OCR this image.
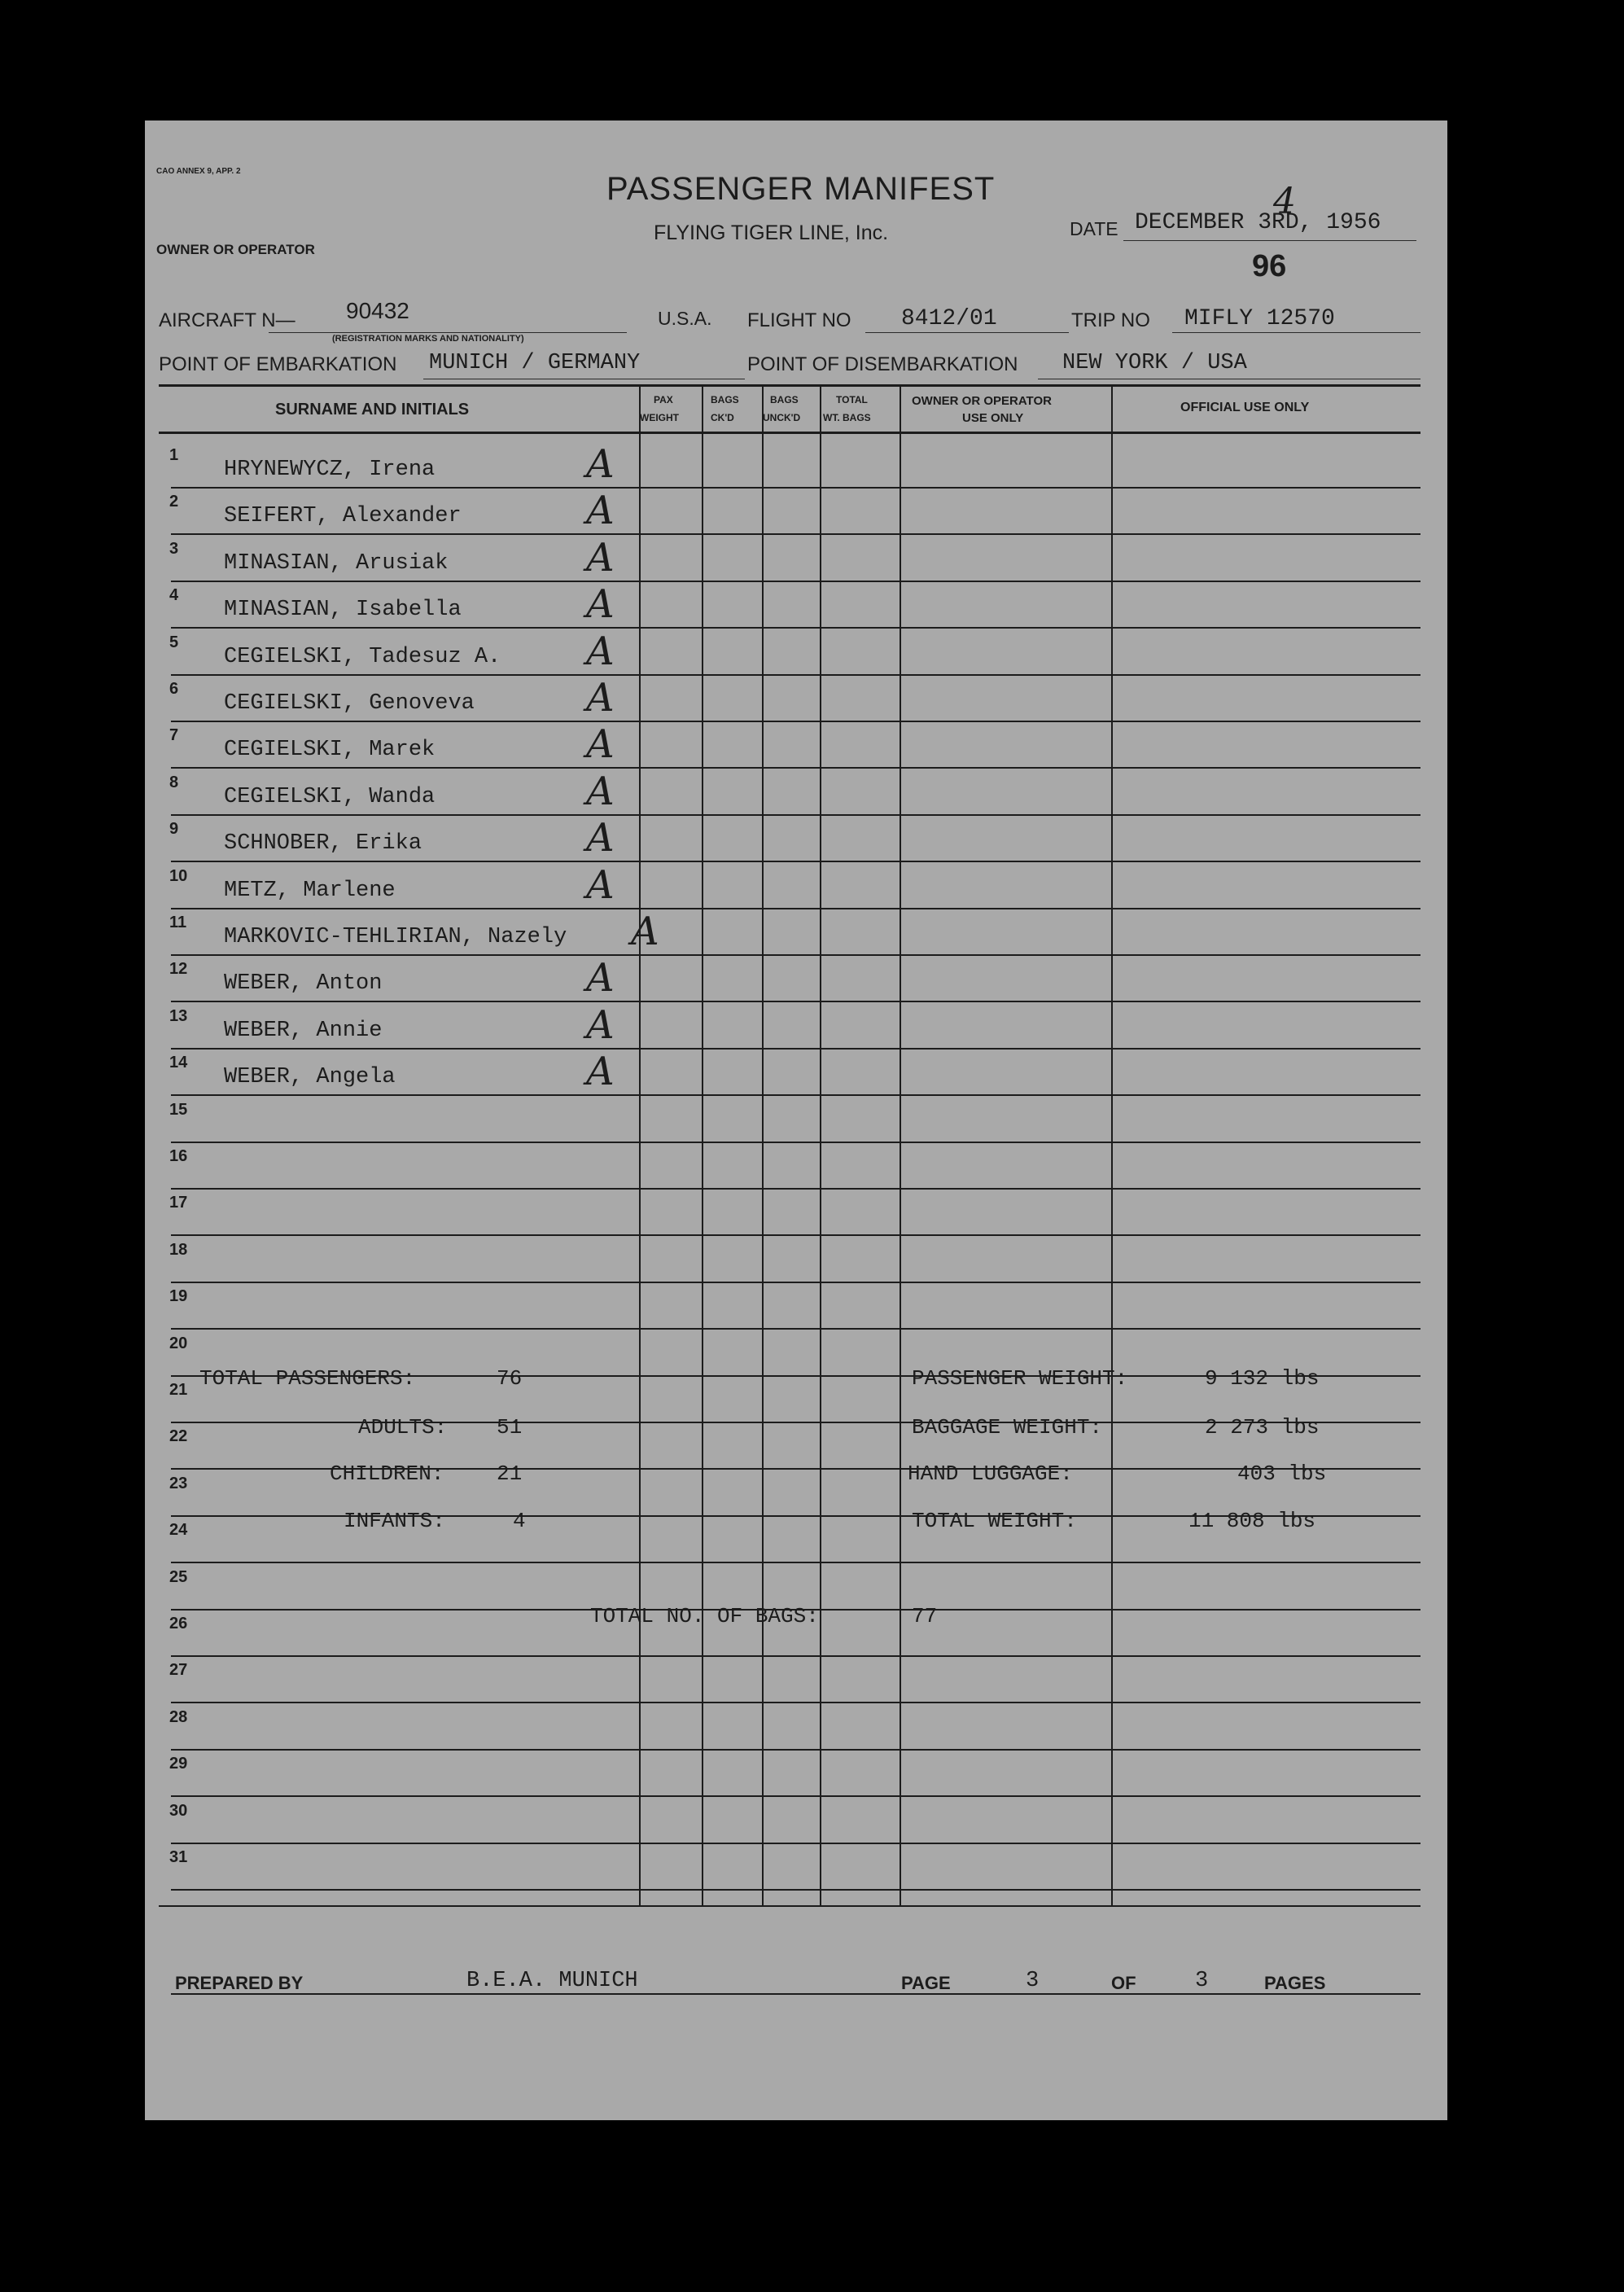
CAO ANNEX 9, APP. 2
OWNER OR OPERATOR
PASSENGER MANIFEST
FLYING TIGER LINE, Inc.	DATE DECEMBER 3RD, 1956
4
96
AIRCRAFT N— 90432
(REGISTRATION MARKS AND NATIONALITY)
U.S.A. FLIGHT NO 8412/01	TRIP NO MIFLY 12570
POINT OF EMBARKATION MUNICH / GERMANY	POINT OF DISEMBARKATION NEW YORK / USA
SURNAME AND INITIALS
PAX
WEIGHT
BAGS
CK'D
BAGS
UNCK'D
TOTAL
WT. BAGS
OWNER OR OPERATOR
USE ONLY
OFFICIAL USE ONLY
1
HRYNEWYCZ, Irena	A
2
SEIFERT, Alexander	A
3
MINASIAN, Arusiak	A
4
MINASIAN, Isabella	A
5
CEGIELSKI, Tadesuz A. A
6
CEGIELSKI, Genoveva	A
7
CEGIELSKI, Marek	A
8
CEGIELSKI, Wanda	A
9
SCHNOBER, Erika	A
10
METZ, Marlene	A
11
MARKOVIC-TEHLIRIAN, Nazely A
12
WEBER, Anton	A
13
WEBER, Annie	A
14
WEBER, Angela	A
15
16
17
18
19
20
21
22
23
24
25
26
27
28
29
30
31
TOTAL PASSENGERS:	76
ADULTS: 51
CHILDREN: 21
INFANTS:	4
PASSENGER WEIGHT:	9 132 lbs
BAGGAGE WEIGHT:	2 273 lbs
HAND LUGGAGE:	403 lbs
TOTAL WEIGHT:	11 808 lbs
TOTAL NO. OF BAGS:	77
PREPARED BY	B.E.A. MUNICH	PAGE	3	OF	3	PAGES
